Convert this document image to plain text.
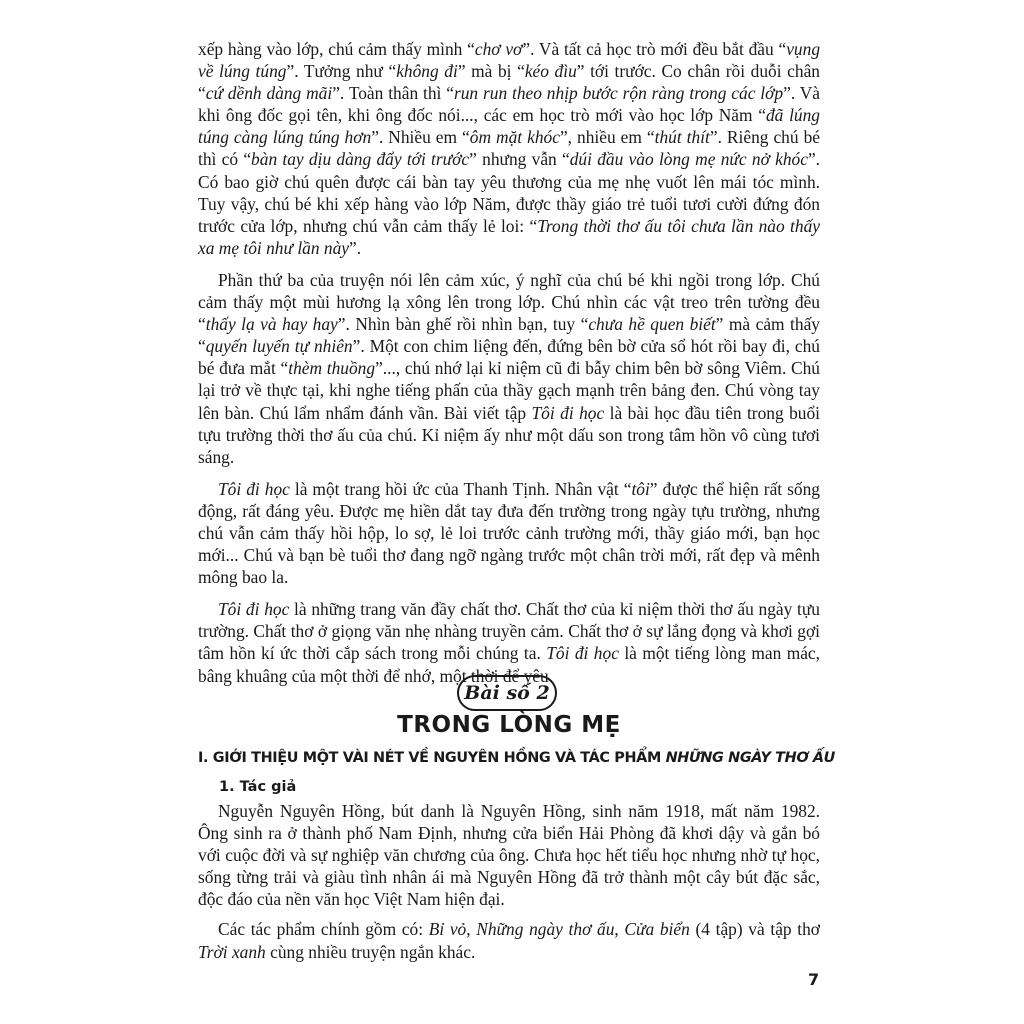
xếp hàng vào lớp, chú cảm thấy mình “chơ vơ”. Và tất cả học trò mới đều bắt đầu “vụng về lúng túng”. Tưởng như “không đi” mà bị “kéo đìu” tới trước. Co chân rồi duỗi chân “cứ dềnh dàng mãi”. Toàn thân thì “run run theo nhịp bước rộn ràng trong các lớp”. Và khi ông đốc gọi tên, khi ông đốc nói..., các em học trò mới vào học lớp Năm “đã lúng túng càng lúng túng hơn”. Nhiều em “ôm mặt khóc”, nhiều em “thút thít”. Riêng chú bé thì có “bàn tay dịu dàng đẩy tới trước” nhưng vẫn “dúi đầu vào lòng mẹ nức nở khóc”. Có bao giờ chú quên được cái bàn tay yêu thương của mẹ nhẹ vuốt lên mái tóc mình. Tuy vậy, chú bé khi xếp hàng vào lớp Năm, được thầy giáo trẻ tuổi tươi cười đứng đón trước cửa lớp, nhưng chú vẫn cảm thấy lẻ loi: “Trong thời thơ ấu tôi chưa lần nào thấy xa mẹ tôi như lần này”.

Phần thứ ba của truyện nói lên cảm xúc, ý nghĩ của chú bé khi ngồi trong lớp. Chú cảm thấy một mùi hương lạ xông lên trong lớp. Chú nhìn các vật treo trên tường đều “thấy lạ và hay hay”. Nhìn bàn ghế rồi nhìn bạn, tuy “chưa hề quen biết” mà cảm thấy “quyến luyến tự nhiên”. Một con chim liệng đến, đứng bên bờ cửa sổ hót rồi bay đi, chú bé đưa mắt “thèm thuồng”..., chú nhớ lại kỉ niệm cũ đi bẫy chim bên bờ sông Viêm. Chú lại trở về thực tại, khi nghe tiếng phấn của thầy gạch mạnh trên bảng đen. Chú vòng tay lên bàn. Chú lẩm nhẩm đánh vần. Bài viết tập Tôi đi học là bài học đầu tiên trong buổi tựu trường thời thơ ấu của chú. Kỉ niệm ấy như một dấu son trong tâm hồn vô cùng tươi sáng.

Tôi đi học là một trang hồi ức của Thanh Tịnh. Nhân vật “tôi” được thể hiện rất sống động, rất đáng yêu. Được mẹ hiền dắt tay đưa đến trường trong ngày tựu trường, nhưng chú vẫn cảm thấy hồi hộp, lo sợ, lẻ loi trước cảnh trường mới, thầy giáo mới, bạn học mới... Chú và bạn bè tuổi thơ đang ngỡ ngàng trước một chân trời mới, rất đẹp và mênh mông bao la.

Tôi đi học là những trang văn đầy chất thơ. Chất thơ của kỉ niệm thời thơ ấu ngày tựu trường. Chất thơ ở giọng văn nhẹ nhàng truyền cảm. Chất thơ ở sự lắng đọng và khơi gợi tâm hồn kí ức thời cắp sách trong mỗi chúng ta. Tôi đi học là một tiếng lòng man mác, bâng khuâng của một thời để nhớ, một thời để yêu.

Bài số 2
TRONG LÒNG MẸ
I. GIỚI THIỆU MỘT VÀI NÉT VỀ NGUYÊN HỒNG VÀ TÁC PHẨM NHỮNG NGÀY THƠ ẤU
1. Tác giả

Nguyễn Nguyên Hồng, bút danh là Nguyên Hồng, sinh năm 1918, mất năm 1982. Ông sinh ra ở thành phố Nam Định, nhưng cửa biển Hải Phòng đã khơi dậy và gắn bó với cuộc đời và sự nghiệp văn chương của ông. Chưa học hết tiểu học nhưng nhờ tự học, sống từng trải và giàu tình nhân ái mà Nguyên Hồng đã trở thành một cây bút đặc sắc, độc đáo của nền văn học Việt Nam hiện đại.

Các tác phẩm chính gồm có: Bỉ vỏ, Những ngày thơ ấu, Cửa biển (4 tập) và tập thơ Trời xanh cùng nhiều truyện ngắn khác.

7
